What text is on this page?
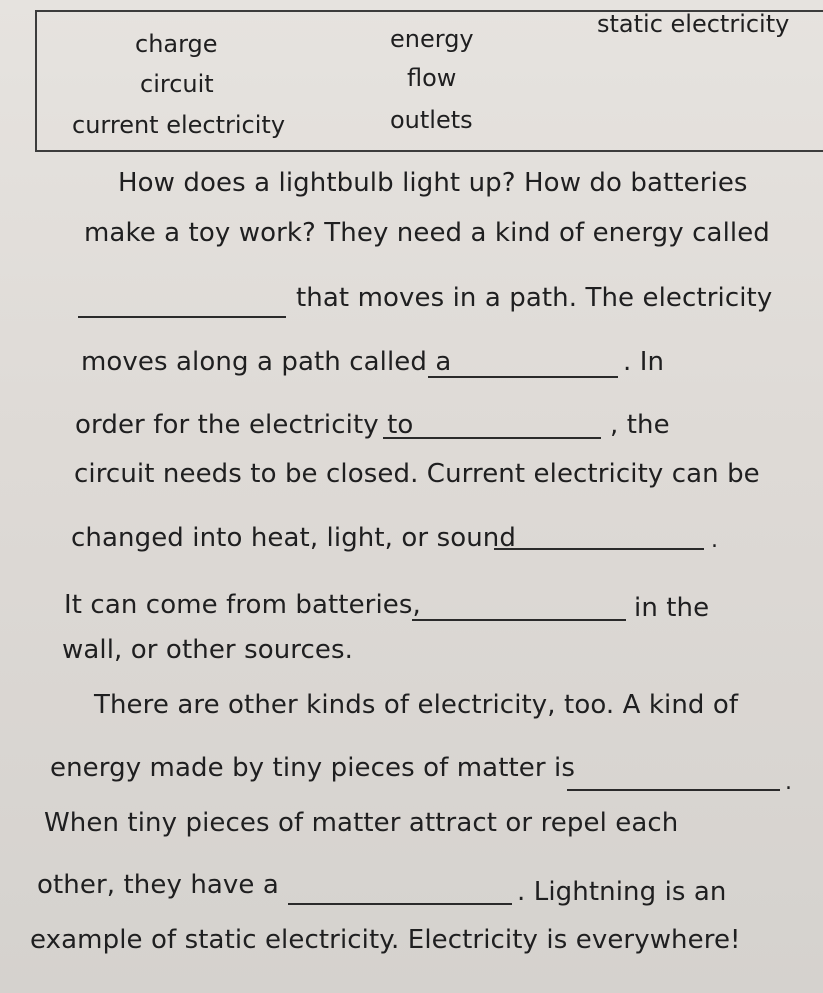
charge	energy
static electricity
circuit	flow
current electricity	outlets
How does a lightbulb light up? How do batteries
make a toy work? They need a kind of energy called
that moves in a path. The electricity
moves along a path called a	. In
order for the electricity to	, the
circuit needs to be closed. Current electricity can be
changed into heat, light, or sound	.
It can come from batteries,	in the
wall, or other sources.
There are other kinds of electricity, too. A kind of
energy made by tiny pieces of matter is	.
When tiny pieces of matter attract or repel each
other, they have a	. Lightning is an
example of static electricity. Electricity is everywhere!
